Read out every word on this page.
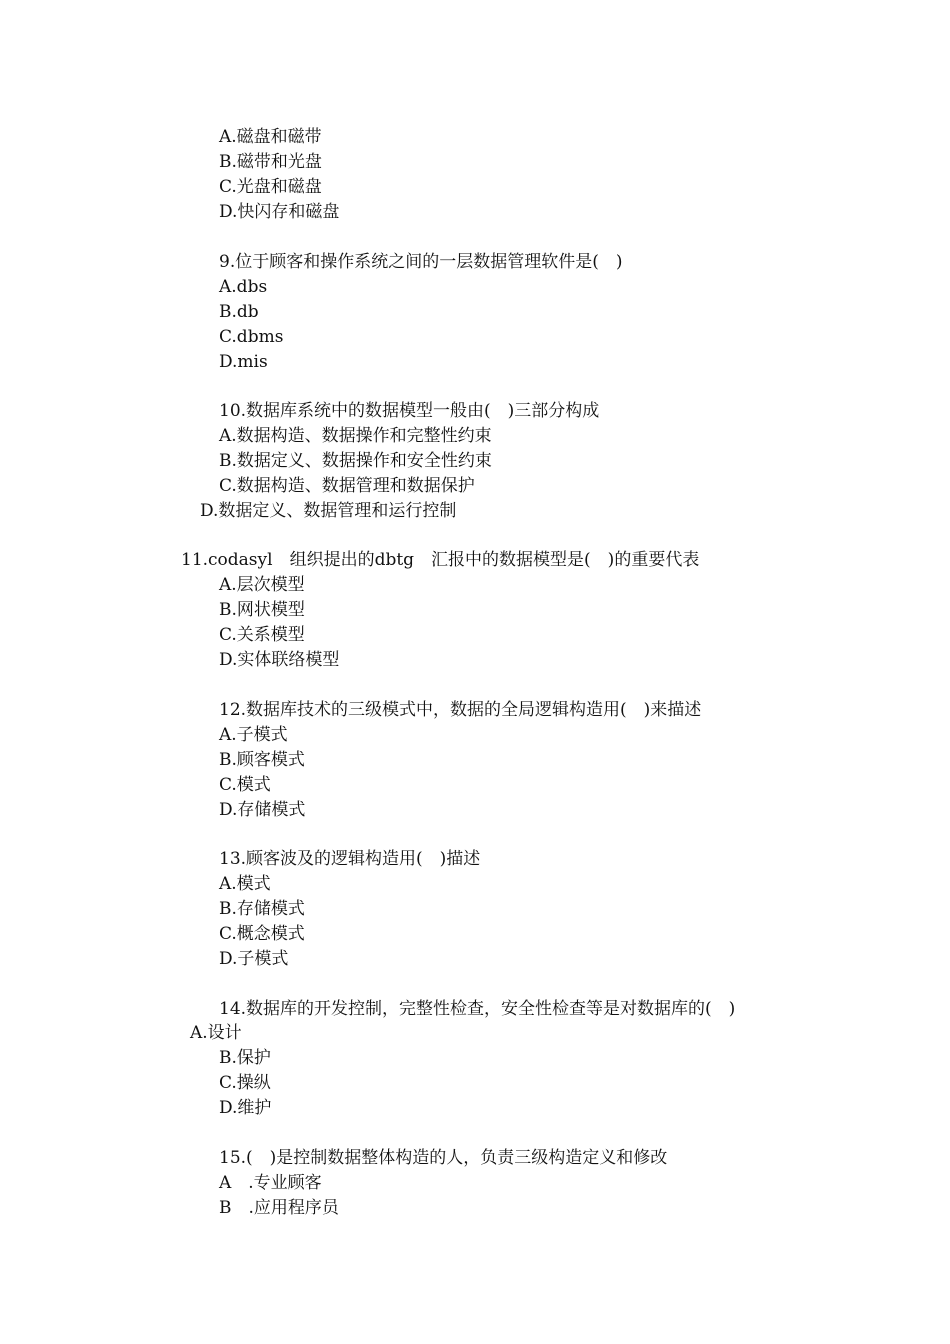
A.磁盘和磁带

B.磁带和光盘

C.光盘和磁盘

D.快闪存和磁盘

9.位于顾客和操作系统之间的一层数据管理软件是(　)

A.dbs

B.db

C.dbms

D.mis

10.数据库系统中的数据模型一般由(　)三部分构成

A.数据构造、数据操作和完整性约束

B.数据定义、数据操作和安全性约束

C.数据构造、数据管理和数据保护

D.数据定义、数据管理和运行控制

11.codasyl　组织提出的dbtg　汇报中的数据模型是(　)的重要代表

A.层次模型

B.网状模型

C.关系模型

D.实体联络模型

12.数据库技术的三级模式中，数据的全局逻辑构造用(　)来描述

A.子模式

B.顾客模式

C.模式

D.存储模式

13.顾客波及的逻辑构造用(　)描述

A.模式

B.存储模式

C.概念模式

D.子模式

14.数据库的开发控制，完整性检查，安全性检查等是对数据库的(　)

A.设计

B.保护

C.操纵

D.维护

15.(　)是控制数据整体构造的人，负责三级构造定义和修改

A　.专业顾客

B　.应用程序员
